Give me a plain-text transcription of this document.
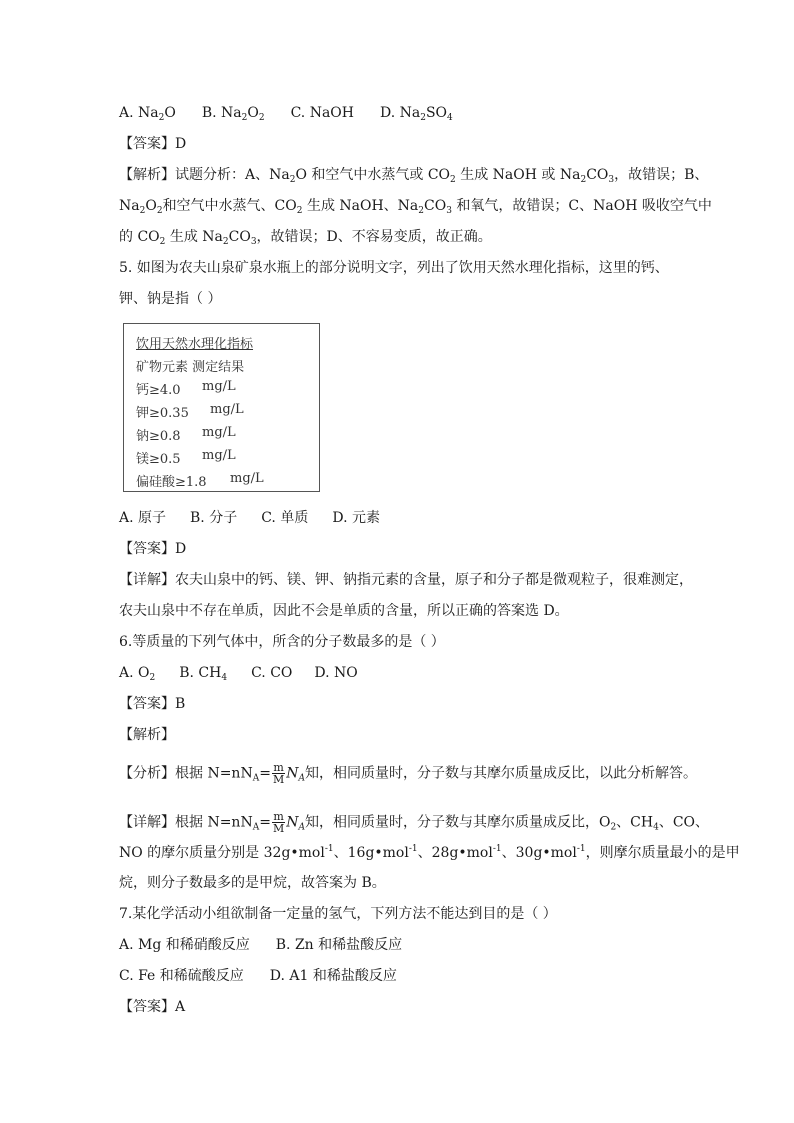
A. $Na_2O$ B. $Na_2O_2$ C. NaOH D. $Na_2SO_4$
【答案】D
【解析】试题分析：A、$Na_2O$ 和空气中水蒸气或 $CO_2$ 生成 NaOH 或 $Na_2CO_3$，故错误；B、
$Na_2O_2$和空气中水蒸气、$CO_2$ 生成 NaOH、$Na_2CO_3$ 和氧气，故错误；C、NaOH 吸收空气中
的 $CO_2$ 生成 $Na_2CO_3$，故错误；D、不容易变质，故正确。
5. 如图为农夫山泉矿泉水瓶上的部分说明文字，列出了饮用天然水理化指标，这里的钙、
钾、钠是指（ ）
饮用天然水理化指标
矿物元素 测定结果
钙≥4.0 mg/L
钾≥0.35 mg/L
钠≥0.8 mg/L
镁≥0.5 mg/L
偏硅酸≥1.8 mg/L
A. 原子 B. 分子 C. 单质 D. 元素
【答案】D
【详解】农夫山泉中的钙、镁、钾、钠指元素的含量，原子和分子都是微观粒子，很难测定，
农夫山泉中不存在单质，因此不会是单质的含量，所以正确的答案选 D。
6.等质量的下列气体中，所含的分子数最多的是（ ）
A. $O_2$ B. $CH_4$ C. CO D. NO
【答案】B
【解析】
【分析】根据 $N=nN_A= \frac{m}{M} N_A$知，相同质量时，分子数与其摩尔质量成反比，以此分析解答。
【详解】根据 $N=nN_A= \frac{m}{M} N_A$知，相同质量时，分子数与其摩尔质量成反比，$O_2$、$CH_4$、CO、
NO 的摩尔质量分别是 32g•mol$^{-1}$、16g•mol$^{-1}$、28g•mol$^{-1}$、30g•mol$^{-1}$，则摩尔质量最小的是甲
烷，则分子数最多的是甲烷，故答案为 B。
7.某化学活动小组欲制备一定量的氢气，下列方法不能达到目的是（ ）
A. Mg 和稀硝酸反应 B. Zn 和稀盐酸反应
C. Fe 和稀硫酸反应 D. A1 和稀盐酸反应
【答案】A
